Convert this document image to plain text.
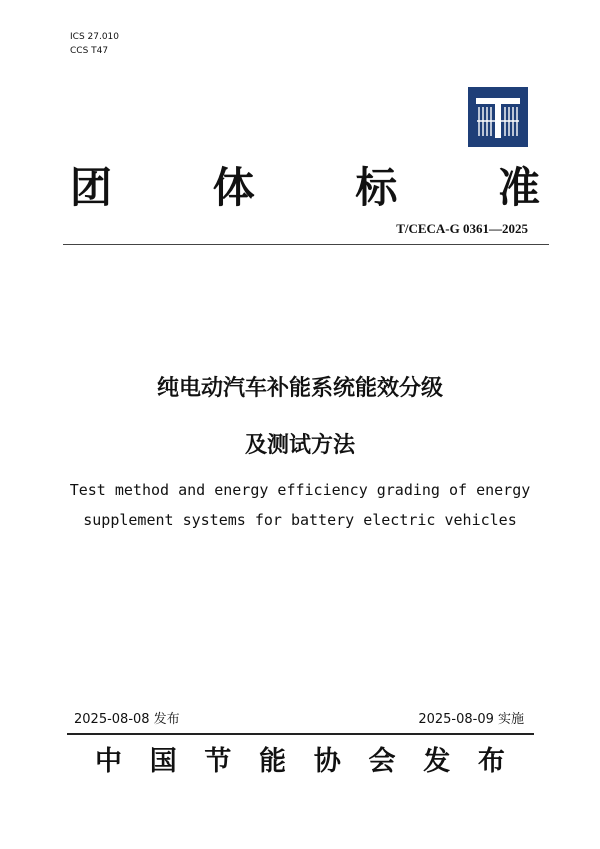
ICS 27.010
CCS T47
团 体 标 准
T/CECA-G 0361—2025
纯电动汽车补能系统能效分级
及测试方法
Test method and energy efficiency grading of energy
supplement systems for battery electric vehicles
2025-08-08 发布	2025-08-09 实施
中 国 节 能 协 会 发 布
